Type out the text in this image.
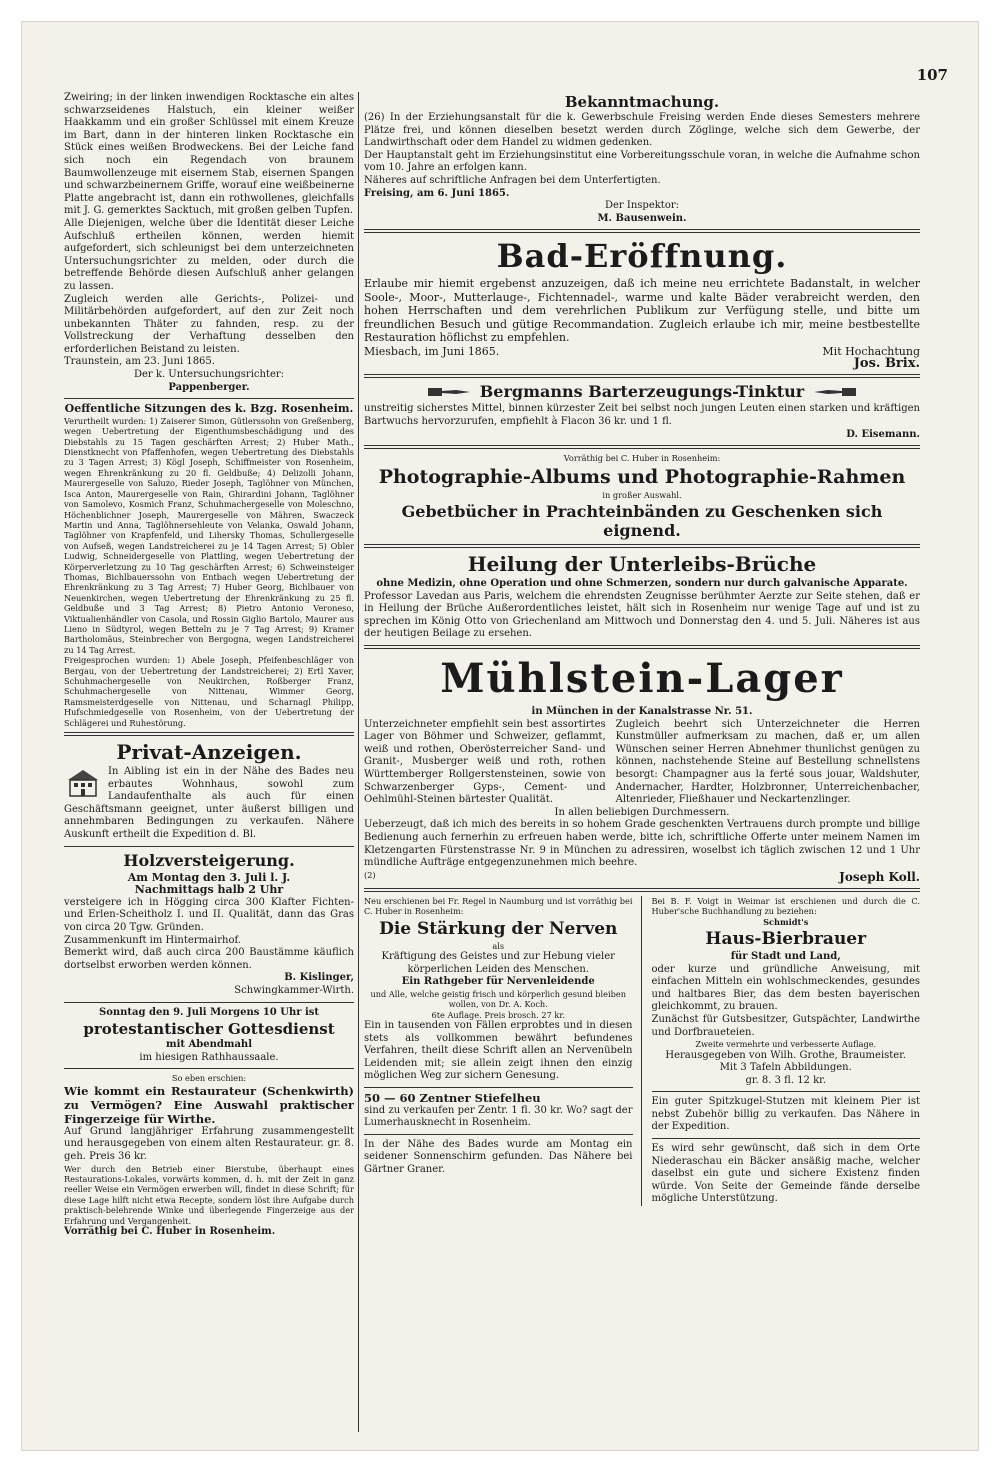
107

Zweiring; in der linken inwendigen Rocktasche ein altes schwarzseidenes Halstuch, ein kleiner weißer Haakkamm und ein großer Schlüssel mit einem Kreuze im Bart, dann in der hinteren linken Rocktasche ein Stück eines weißen Brodweckens. Bei der Leiche fand sich noch ein Regendach von braunem Baumwollenzeuge mit eisernem Stab, eisernen Spangen und schwarzbeinernem Griffe, worauf eine weißbeinerne Platte angebracht ist, dann ein rothwollenes, gleichfalls mit J. G. gemerktes Sacktuch, mit großen gelben Tupfen.

Alle Diejenigen, welche über die Identität dieser Leiche Aufschluß ertheilen können, werden hiemit aufgefordert, sich schleunigst bei dem unterzeichneten Untersuchungsrichter zu melden, oder durch die betreffende Behörde diesen Aufschluß anher gelangen zu lassen.

Zugleich werden alle Gerichts-, Polizei- und Militärbehörden aufgefordert, auf den zur Zeit noch unbekannten Thäter zu fahnden, resp. zu der Vollstreckung der Verhaftung desselben den erforderlichen Beistand zu leisten.

Traunstein, am 23. Juni 1865.

Der k. Untersuchungsrichter:

Pappenberger.

Oeffentliche Sitzungen des k. Bzg. Rosenheim.

Verurtheilt wurden: 1) Zaiserer Simon, Gütlerssohn von Greßenberg, wegen Uebertretung der Eigenthumsbeschädigung und des Diebstahls zu 15 Tagen geschärften Arrest; 2) Huber Math., Dienstknecht von Pfaffenhofen, wegen Uebertretung des Diebstahls zu 3 Tagen Arrest; 3) Kögl Joseph, Schiffmeister von Rosenheim, wegen Ehrenkränkung zu 20 fl. Geldbuße; 4) Delizolli Johann, Maurergeselle von Saluzo, Rieder Joseph, Taglöhner von München, Isca Anton, Maurergeselle von Rain, Ghirardini Johann, Taglöhner von Samolevo, Kosmich Franz, Schuhmachergeselle von Moleschno, Höchenblichner Joseph, Maurergeselle von Mähren, Swaczeck Martin und Anna, Taglöhnersehleute von Velanka, Oswald Johann, Taglöhner von Krapfenfeld, und Lihersky Thomas, Schullergeselle von Aufseß, wegen Landstreicherei zu je 14 Tagen Arrest; 5) Obler Ludwig, Schneidergeselle von Plattling, wegen Uebertretung der Körperverletzung zu 10 Tag geschärften Arrest; 6) Schweinsteiger Thomas, Bichlbauerssohn von Entbach wegen Uebertretung der Ehrenkränkung zu 3 Tag Arrest; 7) Huber Georg, Bichlbauer von Neuenkirchen, wegen Uebertretung der Ehrenkränkung zu 25 fl. Geldbuße und 3 Tag Arrest; 8) Pietro Antonio Veroneso, Viktualienhändler von Casola, und Rossin Giglio Bartolo, Maurer aus Lieno in Südtyrol, wegen Betteln zu je 7 Tag Arrest; 9) Kramer Bartholomäus, Steinbrecher von Bergogna, wegen Landstreicherei zu 14 Tag Arrest.

Freigesprochen wurden: 1) Abele Joseph, Pfeifenbeschläger von Bergau, von der Uebertretung der Landstreicherei; 2) Ertl Xaver, Schuhmachergeselle von Neukirchen, Roßberger Franz, Schuhmachergeselle von Nittenau, Wimmer Georg, Ramsmeisterdgeselle von Nittenau, und Scharnagl Philipp, Hufschmiedgeselle von Rosenheim, von der Uebertretung der Schlägerei und Ruhestörung.

Privat-Anzeigen.

In Aibling ist ein in der Nähe des Bades neu erbautes Wohnhaus, sowohl zum Landaufenthalte als auch für einen Geschäftsmann geeignet, unter äußerst billigen und annehmbaren Bedingungen zu verkaufen. Nähere Auskunft ertheilt die Expedition d. Bl.

Holzversteigerung.

Am Montag den 3. Juli l. J.

Nachmittags halb 2 Uhr

versteigere ich in Högging circa 300 Klafter Fichten- und Erlen-Scheitholz I. und II. Qualität, dann das Gras von circa 20 Tgw. Gründen.

Zusammenkunft im Hintermairhof.

Bemerkt wird, daß auch circa 200 Baustämme käuflich dortselbst erworben werden können.

B. Kislinger,

Schwingkammer-Wirth.

Sonntag den 9. Juli Morgens 10 Uhr ist

protestantischer Gottesdienst

mit Abendmahl

im hiesigen Rathhaussaale.

So eben erschien:

Wie kommt ein Restaurateur (Schenkwirth) zu Vermögen? Eine Auswahl praktischer Fingerzeige für Wirthe.

Auf Grund langjähriger Erfahrung zusammengestellt und herausgegeben von einem alten Restaurateur. gr. 8. geh. Preis 36 kr.

Wer durch den Betrieb einer Bierstube, überhaupt eines Restaurations-Lokales, vorwärts kommen, d. h. mit der Zeit in ganz reeller Weise ein Vermögen erwerben will, findet in diese Schrift; für diese Lage hilft nicht etwa Recepte, sondern löst ihre Aufgabe durch praktisch-belehrende Winke und überlegende Fingerzeige aus der Erfahrung und Vergangenheit.

Vorräthig bei C. Huber in Rosenheim.

Bekanntmachung.

(26) In der Erziehungsanstalt für die k. Gewerbschule Freising werden Ende dieses Semesters mehrere Plätze frei, und können dieselben besetzt werden durch Zöglinge, welche sich dem Gewerbe, der Landwirthschaft oder dem Handel zu widmen gedenken.

Der Hauptanstalt geht im Erziehungsinstitut eine Vorbereitungsschule voran, in welche die Aufnahme schon vom 10. Jahre an erfolgen kann.

Näheres auf schriftliche Anfragen bei dem Unterfertigten.

Freising, am 6. Juni 1865.

Der Inspektor:

M. Bausenwein.

Bad-Eröffnung.

Erlaube mir hiemit ergebenst anzuzeigen, daß ich meine neu errichtete Badanstalt, in welcher Soole-, Moor-, Mutterlauge-, Fichtennadel-, warme und kalte Bäder verabreicht werden, den hohen Herrschaften und dem verehrlichen Publikum zur Verfügung stelle, und bitte um freundlichen Besuch und gütige Recommandation. Zugleich erlaube ich mir, meine bestbestellte Restauration höflichst zu empfehlen.

Miesbach, im Juni 1865.	Mit Hochachtung

Jos. Brix.

Bergmanns Barterzeugungs-Tinktur

unstreitig sicherstes Mittel, binnen kürzester Zeit bei selbst noch jungen Leuten einen starken und kräftigen Bartwuchs hervorzurufen, empfiehlt à Flacon 36 kr. und 1 fl.

D. Eisemann.

Vorräthig bei C. Huber in Rosenheim:

Photographie-Albums und Photographie-Rahmen

in großer Auswahl.

Gebetbücher in Prachteinbänden zu Geschenken sich eignend.
Heilung der Unterleibs-Brüche

ohne Medizin, ohne Operation und ohne Schmerzen, sondern nur durch galvanische Apparate.

Professor Lavedan aus Paris, welchem die ehrendsten Zeugnisse berühmter Aerzte zur Seite stehen, daß er in Heilung der Brüche Außerordentliches leistet, hält sich in Rosenheim nur wenige Tage auf und ist zu sprechen im König Otto von Griechenland am Mittwoch und Donnerstag den 4. und 5. Juli. Näheres ist aus der heutigen Beilage zu ersehen.

Mühlstein-Lager

in München in der Kanalstrasse Nr. 51.

Unterzeichneter empfiehlt sein best assortirtes Lager von Böhmer und Schweizer, geflammt, weiß und rothen, Oberösterreicher Sand- und Granit-, Musberger weiß und roth, rothen Württemberger Rollgerstensteinen, sowie von Schwarzenberger Gyps-, Cement- und Oehlmühl-Steinen bärtester Qualität.

Zugleich beehrt sich Unterzeichneter die Herren Kunstmüller aufmerksam zu machen, daß er, um allen Wünschen seiner Herren Abnehmer thunlichst genügen zu können, nachstehende Steine auf Bestellung schnellstens besorgt: Champagner aus la ferté sous jouar, Waldshuter, Andernacher, Hardter, Holzbronner, Unterreichenbacher, Altenrieder, Fließhauer und Neckartenzlinger.

In allen beliebigen Durchmessern.

Ueberzeugt, daß ich mich des bereits in so hohem Grade geschenkten Vertrauens durch prompte und billige Bedienung auch fernerhin zu erfreuen haben werde, bitte ich, schriftliche Offerte unter meinem Namen im Kletzengarten Fürstenstrasse Nr. 9 in München zu adressiren, woselbst ich täglich zwischen 12 und 1 Uhr mündliche Aufträge entgegenzunehmen mich beehre.

(2)	Joseph Koll.

Neu erschienen bei Fr. Regel in Naumburg und ist vorräthig bei C. Huber in Rosenheim:

Die Stärkung der Nerven

als

Kräftigung des Geistes und zur Hebung vieler körperlichen Leiden des Menschen.

Ein Rathgeber für Nervenleidende

und Alle, welche geistig frisch und körperlich gesund bleiben wollen, von Dr. A. Koch.

6te Auflage. Preis brosch. 27 kr.

Ein in tausenden von Fällen erprobtes und in diesen stets als vollkommen bewährt befundenes Verfahren, theilt diese Schrift allen an Nervenübeln Leidenden mit; sie allein zeigt ihnen den einzig möglichen Weg zur sichern Genesung.

50 — 60 Zentner Stiefelheu

sind zu verkaufen per Zentr. 1 fl. 30 kr. Wo? sagt der Lumerhausknecht in Rosenheim.

In der Nähe des Bades wurde am Montag ein seidener Sonnenschirm gefunden. Das Nähere bei Gärtner Graner.

Bei B. F. Voigt in Weimar ist erschienen und durch die C. Huber'sche Buchhandlung zu beziehen:

Schmidt's

Haus-Bierbrauer

für Stadt und Land,

oder kurze und gründliche Anweisung, mit einfachen Mitteln ein wohlschmeckendes, gesundes und haltbares Bier, das dem besten bayerischen gleichkommt, zu brauen.

Zunächst für Gutsbesitzer, Gutspächter, Landwirthe und Dorfbraueteien.

Zweite vermehrte und verbesserte Auflage.

Herausgegeben von Wilh. Grothe, Braumeister.

Mit 3 Tafeln Abbildungen.

gr. 8. 3 fl. 12 kr.

Ein guter Spitzkugel-Stutzen mit kleinem Pier ist nebst Zubehör billig zu verkaufen. Das Nähere in der Expedition.

Es wird sehr gewünscht, daß sich in dem Orte Niederaschau ein Bäcker ansäßig mache, welcher daselbst ein gute und sichere Existenz finden würde. Von Seite der Gemeinde fände derselbe mögliche Unterstützung.
